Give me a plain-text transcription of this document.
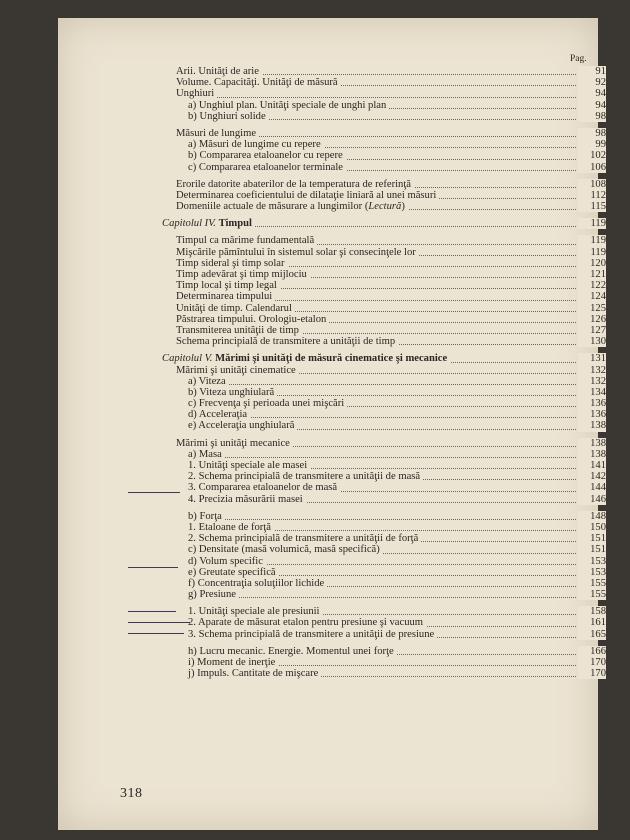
Pag.
Arii. Unităţi de arie	91
Volume. Capacităţi. Unităţi de măsură	92
Unghiuri	94
a) Unghiul plan. Unităţi speciale de unghi plan	94
b) Unghiuri solide	98
Măsuri de lungime	98
a) Măsuri de lungime cu repere	99
b) Compararea etaloanelor cu repere	102
c) Compararea etaloanelor terminale	106
Erorile datorite abaterilor de la temperatura de referinţă	108
Determinarea coeficientului de dilataţie liniară al unei măsuri	112
Domeniile actuale de măsurare a lungimilor (Lectură)	115
Capitolul IV. Timpul	119
Timpul ca mărime fundamentală	119
Mişcările pămîntului în sistemul solar şi consecinţele lor	119
Timp sideral şi timp solar	120
Timp adevărat şi timp mijlociu	121
Timp local şi timp legal	122
Determinarea timpului	124
Unităţi de timp. Calendarul	125
Păstrarea timpului. Orologiu-etalon	126
Transmiterea unităţii de timp	127
Schema principială de transmitere a unităţii de timp	130
Capitolul V. Mărimi şi unităţi de măsură cinematice şi mecanice	131
Mărimi şi unităţi cinematice	132
a) Viteza	132
b) Viteza unghiulară	134
c) Frecvenţa şi perioada unei mişcări	136
d) Acceleraţia	136
e) Acceleraţia unghiulară	138
Mărimi şi unităţi mecanice	138
a) Masa	138
1. Unităţi speciale ale masei	141
2. Schema principială de transmitere a unităţii de masă	142
3. Compararea etaloanelor de masă	144
4. Precizia măsurării masei	146
b) Forţa	148
1. Etaloane de forţă	150
2. Schema principială de transmitere a unităţii de forţă	151
c) Densitate (masă volumică, masă specifică)	151
d) Volum specific	153
e) Greutate specifică	153
f) Concentraţia soluţiilor lichide	155
g) Presiune	155
1. Unităţi speciale ale presiunii	158
2. Aparate de măsurat etalon pentru presiune şi vacuum	161
3. Schema principială de transmitere a unităţii de presiune	165
h) Lucru mecanic. Energie. Momentul unei forţe	166
i) Moment de inerţie	170
j) Impuls. Cantitate de mişcare	170
318
